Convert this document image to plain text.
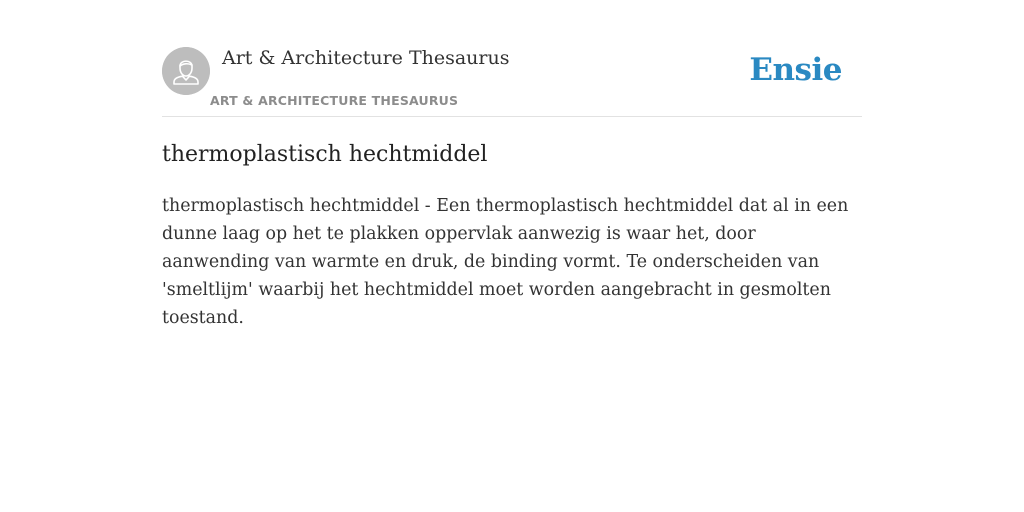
Art & Architecture Thesaurus
ART & ARCHITECTURE THESAURUS
Ensie
thermoplastisch hechtmiddel

thermoplastisch hechtmiddel - Een thermoplastisch hechtmiddel dat al in een dunne laag op het te plakken oppervlak aanwezig is waar het, door aanwending van warmte en druk, de binding vormt. Te onderscheiden van 'smeltlijm' waarbij het hechtmiddel moet worden aangebracht in gesmolten toestand.
